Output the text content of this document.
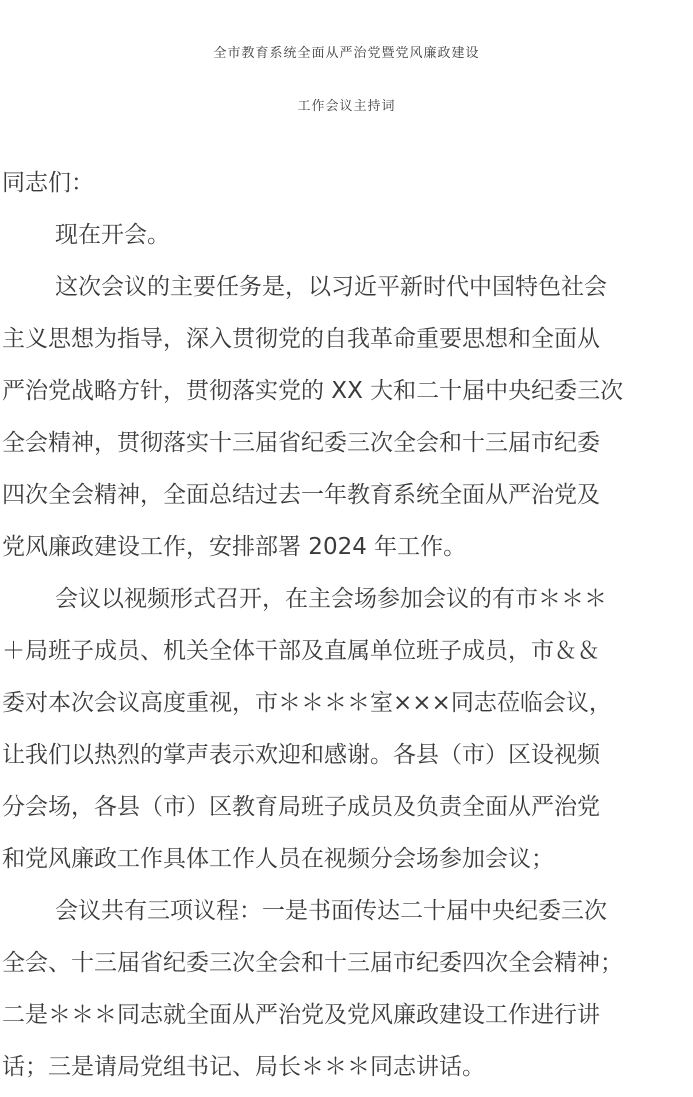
全市教育系统全面从严治党暨党风廉政建设
工作会议主持词
同志们：
现在开会。
这次会议的主要任务是，以习近平新时代中国特色社会
主义思想为指导，深入贯彻党的自我革命重要思想和全面从
严治党战略方针，贯彻落实党的 XX 大和二十届中央纪委三次
全会精神，贯彻落实十三届省纪委三次全会和十三届市纪委
四次全会精神，全面总结过去一年教育系统全面从严治党及
党风廉政建设工作，安排部署 2024 年工作。
会议以视频形式召开，在主会场参加会议的有市＊＊＊
＋局班子成员、机关全体干部及直属单位班子成员，市＆＆
委对本次会议高度重视，市＊＊＊＊室×××同志莅临会议，
让我们以热烈的掌声表示欢迎和感谢。各县（市）区设视频
分会场，各县（市）区教育局班子成员及负责全面从严治党
和党风廉政工作具体工作人员在视频分会场参加会议；
会议共有三项议程：一是书面传达二十届中央纪委三次
全会、十三届省纪委三次全会和十三届市纪委四次全会精神；
二是＊＊＊同志就全面从严治党及党风廉政建设工作进行讲
话；三是请局党组书记、局长＊＊＊同志讲话。
